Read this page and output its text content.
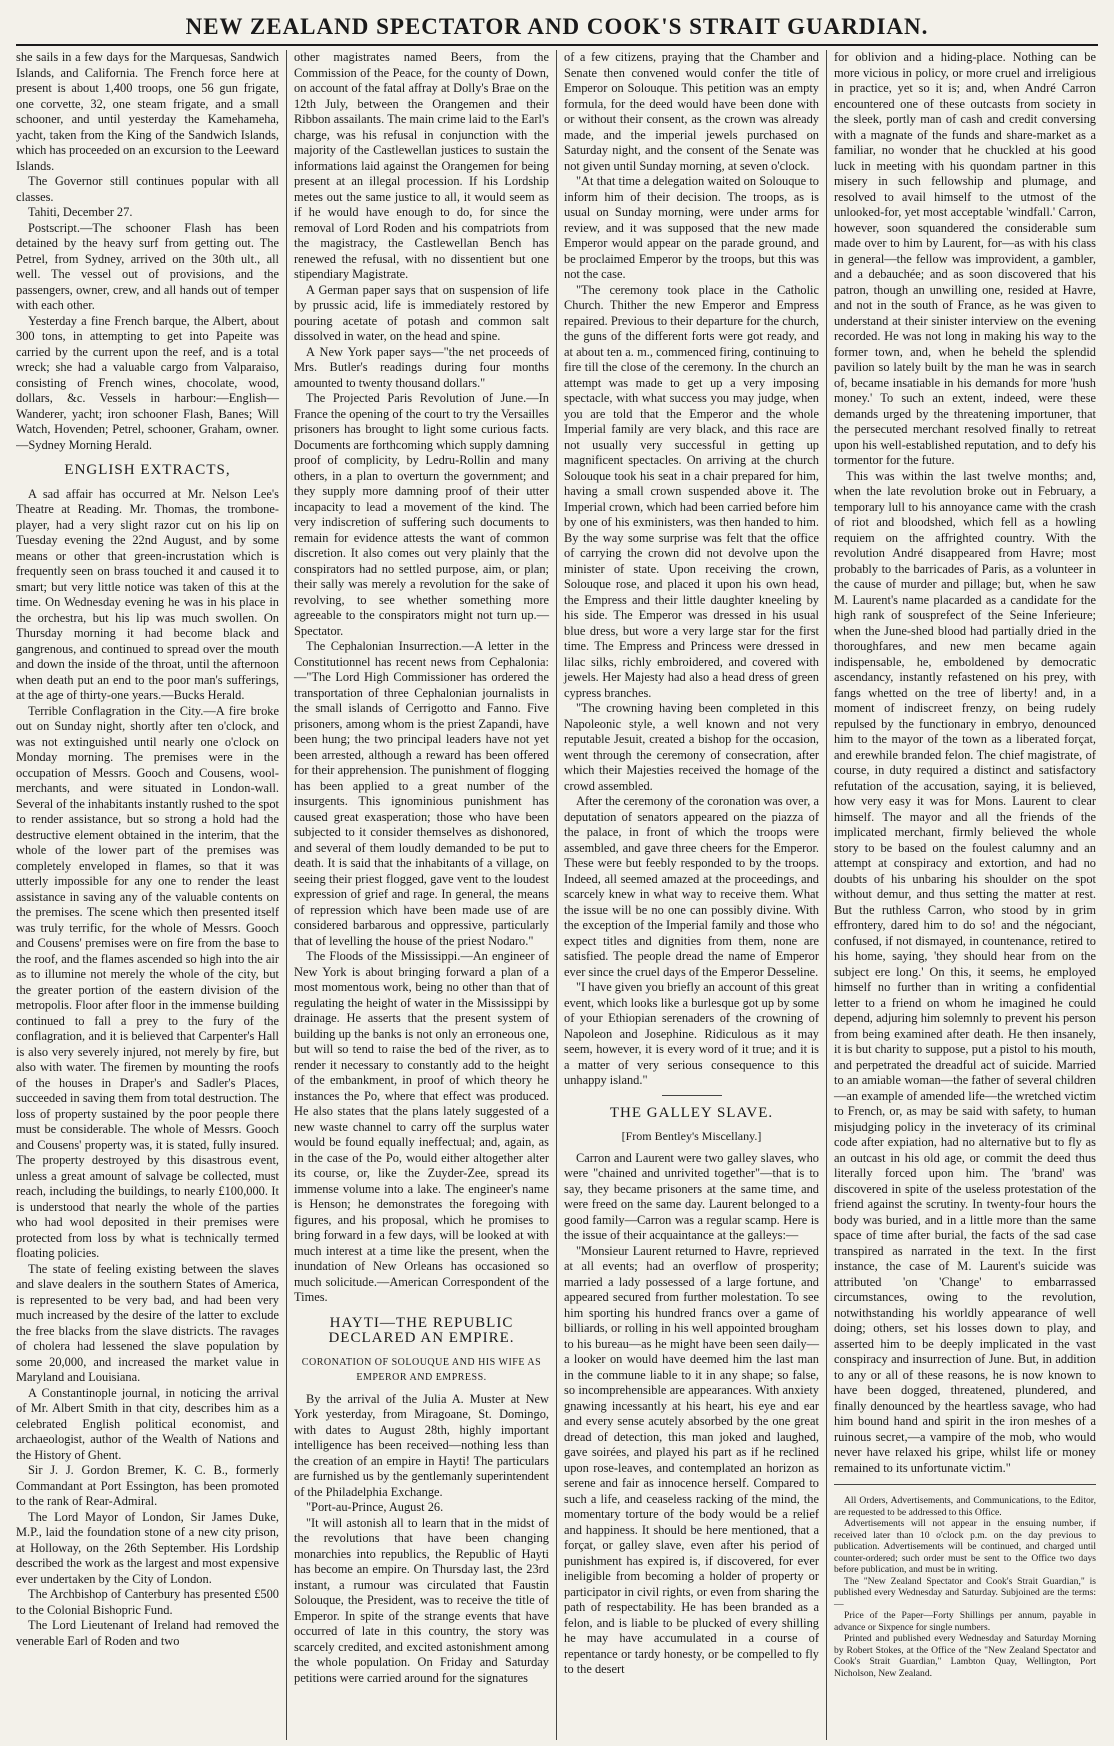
NEW ZEALAND SPECTATOR AND COOK'S STRAIT GUARDIAN.

she sails in a few days for the Marquesas, Sandwich Islands, and California. The French force here at present is about 1,400 troops, one 56 gun frigate, one corvette, 32, one steam frigate, and a small schooner, and until yesterday the Kamehameha, yacht, taken from the King of the Sandwich Islands, which has proceeded on an excursion to the Leeward Islands.

The Governor still continues popular with all classes.

Tahiti, December 27.

Postscript.—The schooner Flash has been detained by the heavy surf from getting out. The Petrel, from Sydney, arrived on the 30th ult., all well. The vessel out of provisions, and the passengers, owner, crew, and all hands out of temper with each other.

Yesterday a fine French barque, the Albert, about 300 tons, in attempting to get into Papeite was carried by the current upon the reef, and is a total wreck; she had a valuable cargo from Valparaiso, consisting of French wines, chocolate, wood, dollars, &c. Vessels in harbour:—English—Wanderer, yacht; iron schooner Flash, Banes; Will Watch, Hovenden; Petrel, schooner, Graham, owner.—Sydney Morning Herald.

ENGLISH EXTRACTS,

A sad affair has occurred at Mr. Nelson Lee's Theatre at Reading. Mr. Thomas, the trombone-player, had a very slight razor cut on his lip on Tuesday evening the 22nd August, and by some means or other that green-incrustation which is frequently seen on brass touched it and caused it to smart; but very little notice was taken of this at the time. On Wednesday evening he was in his place in the orchestra, but his lip was much swollen. On Thursday morning it had become black and gangrenous, and continued to spread over the mouth and down the inside of the throat, until the afternoon when death put an end to the poor man's sufferings, at the age of thirty-one years.—Bucks Herald.

Terrible Conflagration in the City.—A fire broke out on Sunday night, shortly after ten o'clock, and was not extinguished until nearly one o'clock on Monday morning. The premises were in the occupation of Messrs. Gooch and Cousens, wool-merchants, and were situated in London-wall. Several of the inhabitants instantly rushed to the spot to render assistance, but so strong a hold had the destructive element obtained in the interim, that the whole of the lower part of the premises was completely enveloped in flames, so that it was utterly impossible for any one to render the least assistance in saving any of the valuable contents on the premises. The scene which then presented itself was truly terrific, for the whole of Messrs. Gooch and Cousens' premises were on fire from the base to the roof, and the flames ascended so high into the air as to illumine not merely the whole of the city, but the greater portion of the eastern division of the metropolis. Floor after floor in the immense building continued to fall a prey to the fury of the conflagration, and it is believed that Carpenter's Hall is also very severely injured, not merely by fire, but also with water. The firemen by mounting the roofs of the houses in Draper's and Sadler's Places, succeeded in saving them from total destruction. The loss of property sustained by the poor people there must be considerable. The whole of Messrs. Gooch and Cousens' property was, it is stated, fully insured. The property destroyed by this disastrous event, unless a great amount of salvage be collected, must reach, including the buildings, to nearly £100,000. It is understood that nearly the whole of the parties who had wool deposited in their premises were protected from loss by what is technically termed floating policies.

The state of feeling existing between the slaves and slave dealers in the southern States of America, is represented to be very bad, and had been very much increased by the desire of the latter to exclude the free blacks from the slave districts. The ravages of cholera had lessened the slave population by some 20,000, and increased the market value in Maryland and Louisiana.

A Constantinople journal, in noticing the arrival of Mr. Albert Smith in that city, describes him as a celebrated English political economist, and archaeologist, author of the Wealth of Nations and the History of Ghent.

Sir J. J. Gordon Bremer, K. C. B., formerly Commandant at Port Essington, has been promoted to the rank of Rear-Admiral.

The Lord Mayor of London, Sir James Duke, M.P., laid the foundation stone of a new city prison, at Holloway, on the 26th September. His Lordship described the work as the largest and most expensive ever undertaken by the City of London.

The Archbishop of Canterbury has presented £500 to the Colonial Bishopric Fund.

The Lord Lieutenant of Ireland had removed the venerable Earl of Roden and two

other magistrates named Beers, from the Commission of the Peace, for the county of Down, on account of the fatal affray at Dolly's Brae on the 12th July, between the Orangemen and their Ribbon assailants. The main crime laid to the Earl's charge, was his refusal in conjunction with the majority of the Castlewellan justices to sustain the informations laid against the Orangemen for being present at an illegal procession. If his Lordship metes out the same justice to all, it would seem as if he would have enough to do, for since the removal of Lord Roden and his compatriots from the magistracy, the Castlewellan Bench has renewed the refusal, with no dissentient but one stipendiary Magistrate.

A German paper says that on suspension of life by prussic acid, life is immediately restored by pouring acetate of potash and common salt dissolved in water, on the head and spine.

A New York paper says—"the net proceeds of Mrs. Butler's readings during four months amounted to twenty thousand dollars."

The Projected Paris Revolution of June.—In France the opening of the court to try the Versailles prisoners has brought to light some curious facts. Documents are forthcoming which supply damning proof of complicity, by Ledru-Rollin and many others, in a plan to overturn the government; and they supply more damning proof of their utter incapacity to lead a movement of the kind. The very indiscretion of suffering such documents to remain for evidence attests the want of common discretion. It also comes out very plainly that the conspirators had no settled purpose, aim, or plan; their sally was merely a revolution for the sake of revolving, to see whether something more agreeable to the conspirators might not turn up.—Spectator.

The Cephalonian Insurrection.—A letter in the Constitutionnel has recent news from Cephalonia:—"The Lord High Commissioner has ordered the transportation of three Cephalonian journalists in the small islands of Cerrigotto and Fanno. Five prisoners, among whom is the priest Zapandi, have been hung; the two principal leaders have not yet been arrested, although a reward has been offered for their apprehension. The punishment of flogging has been applied to a great number of the insurgents. This ignominious punishment has caused great exasperation; those who have been subjected to it consider themselves as dishonored, and several of them loudly demanded to be put to death. It is said that the inhabitants of a village, on seeing their priest flogged, gave vent to the loudest expression of grief and rage. In general, the means of repression which have been made use of are considered barbarous and oppressive, particularly that of levelling the house of the priest Nodaro."

The Floods of the Mississippi.—An engineer of New York is about bringing forward a plan of a most momentous work, being no other than that of regulating the height of water in the Mississippi by drainage. He asserts that the present system of building up the banks is not only an erroneous one, but will so tend to raise the bed of the river, as to render it necessary to constantly add to the height of the embankment, in proof of which theory he instances the Po, where that effect was produced. He also states that the plans lately suggested of a new waste channel to carry off the surplus water would be found equally ineffectual; and, again, as in the case of the Po, would either altogether alter its course, or, like the Zuyder-Zee, spread its immense volume into a lake. The engineer's name is Henson; he demonstrates the foregoing with figures, and his proposal, which he promises to bring forward in a few days, will be looked at with much interest at a time like the present, when the inundation of New Orleans has occasioned so much solicitude.—American Correspondent of the Times.

HAYTI—THE REPUBLIC DECLARED AN EMPIRE.
CORONATION OF SOLOUQUE AND HIS WIFE AS EMPEROR AND EMPRESS.

By the arrival of the Julia A. Muster at New York yesterday, from Miragoane, St. Domingo, with dates to August 28th, highly important intelligence has been received—nothing less than the creation of an empire in Hayti! The particulars are furnished us by the gentlemanly superintendent of the Philadelphia Exchange.

"Port-au-Prince, August 26.

"It will astonish all to learn that in the midst of the revolutions that have been changing monarchies into republics, the Republic of Hayti has become an empire. On Thursday last, the 23rd instant, a rumour was circulated that Faustin Solouque, the President, was to receive the title of Emperor. In spite of the strange events that have occurred of late in this country, the story was scarcely credited, and excited astonishment among the whole population. On Friday and Saturday petitions were carried around for the signatures

of a few citizens, praying that the Chamber and Senate then convened would confer the title of Emperor on Solouque. This petition was an empty formula, for the deed would have been done with or without their consent, as the crown was already made, and the imperial jewels purchased on Saturday night, and the consent of the Senate was not given until Sunday morning, at seven o'clock.

"At that time a delegation waited on Solouque to inform him of their decision. The troops, as is usual on Sunday morning, were under arms for review, and it was supposed that the new made Emperor would appear on the parade ground, and be proclaimed Emperor by the troops, but this was not the case.

"The ceremony took place in the Catholic Church. Thither the new Emperor and Empress repaired. Previous to their departure for the church, the guns of the different forts were got ready, and at about ten a. m., commenced firing, continuing to fire till the close of the ceremony. In the church an attempt was made to get up a very imposing spectacle, with what success you may judge, when you are told that the Emperor and the whole Imperial family are very black, and this race are not usually very successful in getting up magnificent spectacles. On arriving at the church Solouque took his seat in a chair prepared for him, having a small crown suspended above it. The Imperial crown, which had been carried before him by one of his exministers, was then handed to him. By the way some surprise was felt that the office of carrying the crown did not devolve upon the minister of state. Upon receiving the crown, Solouque rose, and placed it upon his own head, the Empress and their little daughter kneeling by his side. The Emperor was dressed in his usual blue dress, but wore a very large star for the first time. The Empress and Princess were dressed in lilac silks, richly embroidered, and covered with jewels. Her Majesty had also a head dress of green cypress branches.

"The crowning having been completed in this Napoleonic style, a well known and not very reputable Jesuit, created a bishop for the occasion, went through the ceremony of consecration, after which their Majesties received the homage of the crowd assembled.

After the ceremony of the coronation was over, a deputation of senators appeared on the piazza of the palace, in front of which the troops were assembled, and gave three cheers for the Emperor. These were but feebly responded to by the troops. Indeed, all seemed amazed at the proceedings, and scarcely knew in what way to receive them. What the issue will be no one can possibly divine. With the exception of the Imperial family and those who expect titles and dignities from them, none are satisfied. The people dread the name of Emperor ever since the cruel days of the Emperor Desseline.

"I have given you briefly an account of this great event, which looks like a burlesque got up by some of your Ethiopian serenaders of the crowning of Napoleon and Josephine. Ridiculous as it may seem, however, it is every word of it true; and it is a matter of very serious consequence to this unhappy island."

THE GALLEY SLAVE.
[From Bentley's Miscellany.]

Carron and Laurent were two galley slaves, who were "chained and unrivited together"—that is to say, they became prisoners at the same time, and were freed on the same day. Laurent belonged to a good family—Carron was a regular scamp. Here is the issue of their acquaintance at the galleys:—

"Monsieur Laurent returned to Havre, reprieved at all events; had an overflow of prosperity; married a lady possessed of a large fortune, and appeared secured from further molestation. To see him sporting his hundred francs over a game of billiards, or rolling in his well appointed brougham to his bureau—as he might have been seen daily—a looker on would have deemed him the last man in the commune liable to it in any shape; so false, so incomprehensible are appearances. With anxiety gnawing incessantly at his heart, his eye and ear and every sense acutely absorbed by the one great dread of detection, this man joked and laughed, gave soirées, and played his part as if he reclined upon rose-leaves, and contemplated an horizon as serene and fair as innocence herself. Compared to such a life, and ceaseless racking of the mind, the momentary torture of the body would be a relief and happiness. It should be here mentioned, that a forçat, or galley slave, even after his period of punishment has expired is, if discovered, for ever ineligible from becoming a holder of property or participator in civil rights, or even from sharing the path of respectability. He has been branded as a felon, and is liable to be plucked of every shilling he may have accumulated in a course of repentance or tardy honesty, or be compelled to fly to the desert

for oblivion and a hiding-place. Nothing can be more vicious in policy, or more cruel and irreligious in practice, yet so it is; and, when André Carron encountered one of these outcasts from society in the sleek, portly man of cash and credit conversing with a magnate of the funds and share-market as a familiar, no wonder that he chuckled at his good luck in meeting with his quondam partner in this misery in such fellowship and plumage, and resolved to avail himself to the utmost of the unlooked-for, yet most acceptable 'windfall.' Carron, however, soon squandered the considerable sum made over to him by Laurent, for—as with his class in general—the fellow was improvident, a gambler, and a debauchée; and as soon discovered that his patron, though an unwilling one, resided at Havre, and not in the south of France, as he was given to understand at their sinister interview on the evening recorded. He was not long in making his way to the former town, and, when he beheld the splendid pavilion so lately built by the man he was in search of, became insatiable in his demands for more 'hush money.' To such an extent, indeed, were these demands urged by the threatening importuner, that the persecuted merchant resolved finally to retreat upon his well-established reputation, and to defy his tormentor for the future.

This was within the last twelve months; and, when the late revolution broke out in February, a temporary lull to his annoyance came with the crash of riot and bloodshed, which fell as a howling requiem on the affrighted country. With the revolution André disappeared from Havre; most probably to the barricades of Paris, as a volunteer in the cause of murder and pillage; but, when he saw M. Laurent's name placarded as a candidate for the high rank of sousprefect of the Seine Inferieure; when the June-shed blood had partially dried in the thoroughfares, and new men became again indispensable, he, emboldened by democratic ascendancy, instantly refastened on his prey, with fangs whetted on the tree of liberty! and, in a moment of indiscreet frenzy, on being rudely repulsed by the functionary in embryo, denounced him to the mayor of the town as a liberated forçat, and erewhile branded felon. The chief magistrate, of course, in duty required a distinct and satisfactory refutation of the accusation, saying, it is believed, how very easy it was for Mons. Laurent to clear himself. The mayor and all the friends of the implicated merchant, firmly believed the whole story to be based on the foulest calumny and an attempt at conspiracy and extortion, and had no doubts of his unbaring his shoulder on the spot without demur, and thus setting the matter at rest. But the ruthless Carron, who stood by in grim effrontery, dared him to do so! and the négociant, confused, if not dismayed, in countenance, retired to his home, saying, 'they should hear from on the subject ere long.' On this, it seems, he employed himself no further than in writing a confidential letter to a friend on whom he imagined he could depend, adjuring him solemnly to prevent his person from being examined after death. He then insanely, it is but charity to suppose, put a pistol to his mouth, and perpetrated the dreadful act of suicide. Married to an amiable woman—the father of several children—an example of amended life—the wretched victim to French, or, as may be said with safety, to human misjudging policy in the inveteracy of its criminal code after expiation, had no alternative but to fly as an outcast in his old age, or commit the deed thus literally forced upon him. The 'brand' was discovered in spite of the useless protestation of the friend against the scrutiny. In twenty-four hours the body was buried, and in a little more than the same space of time after burial, the facts of the sad case transpired as narrated in the text. In the first instance, the case of M. Laurent's suicide was attributed 'on 'Change' to embarrassed circumstances, owing to the revolution, notwithstanding his worldly appearance of well doing; others, set his losses down to play, and asserted him to be deeply implicated in the vast conspiracy and insurrection of June. But, in addition to any or all of these reasons, he is now known to have been dogged, threatened, plundered, and finally denounced by the heartless savage, who had him bound hand and spirit in the iron meshes of a ruinous secret,—a vampire of the mob, who would never have relaxed his gripe, whilst life or money remained to its unfortunate victim."

All Orders, Advertisements, and Communications, to the Editor, are requested to be addressed to this Office.

Advertisements will not appear in the ensuing number, if received later than 10 o'clock p.m. on the day previous to publication. Advertisements will be continued, and charged until counter-ordered; such order must be sent to the Office two days before publication, and must be in writing.

The "New Zealand Spectator and Cook's Strait Guardian," is published every Wednesday and Saturday. Subjoined are the terms:—

Price of the Paper—Forty Shillings per annum, payable in advance or Sixpence for single numbers.

Printed and published every Wednesday and Saturday Morning by Robert Stokes, at the Office of the "New Zealand Spectator and Cook's Strait Guardian," Lambton Quay, Wellington, Port Nicholson, New Zealand.
